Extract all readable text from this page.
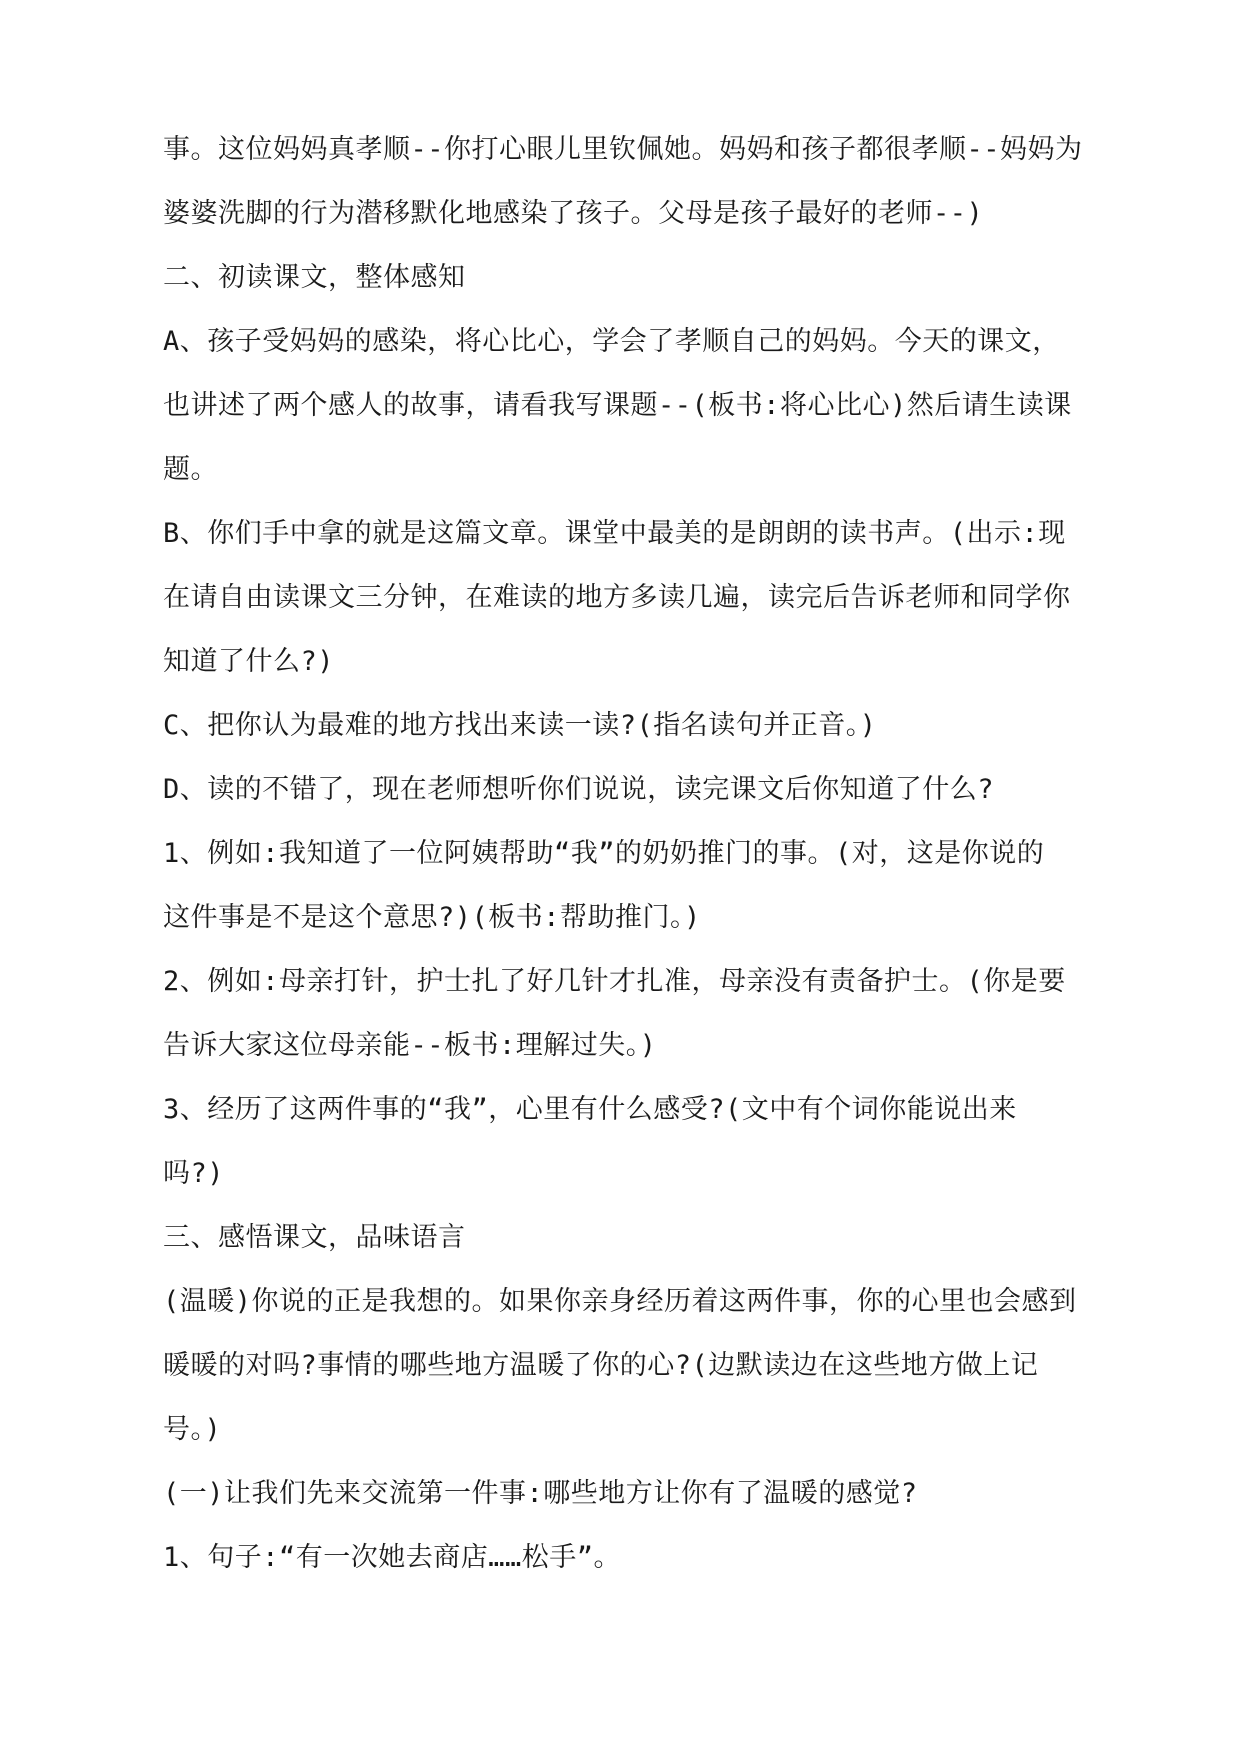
事。这位妈妈真孝顺--你打心眼儿里钦佩她。妈妈和孩子都很孝顺--妈妈为
婆婆洗脚的行为潜移默化地感染了孩子。父母是孩子最好的老师--)
二、初读课文，整体感知
A、孩子受妈妈的感染，将心比心，学会了孝顺自己的妈妈。今天的课文，
也讲述了两个感人的故事，请看我写课题--(板书:将心比心)然后请生读课
题。
B、你们手中拿的就是这篇文章。课堂中最美的是朗朗的读书声。(出示:现
在请自由读课文三分钟，在难读的地方多读几遍，读完后告诉老师和同学你
知道了什么?)
C、把你认为最难的地方找出来读一读?(指名读句并正音。)
D、读的不错了，现在老师想听你们说说，读完课文后你知道了什么?
1、例如:我知道了一位阿姨帮助“我”的奶奶推门的事。(对，这是你说的
这件事是不是这个意思?)(板书:帮助推门。)
2、例如:母亲打针，护士扎了好几针才扎准，母亲没有责备护士。(你是要
告诉大家这位母亲能--板书:理解过失。)
3、经历了这两件事的“我”，心里有什么感受?(文中有个词你能说出来
吗?)
三、感悟课文，品味语言
(温暖)你说的正是我想的。如果你亲身经历着这两件事，你的心里也会感到
暖暖的对吗?事情的哪些地方温暖了你的心?(边默读边在这些地方做上记
号。)
(一)让我们先来交流第一件事:哪些地方让你有了温暖的感觉?
1、句子:“有一次她去商店……松手”。
